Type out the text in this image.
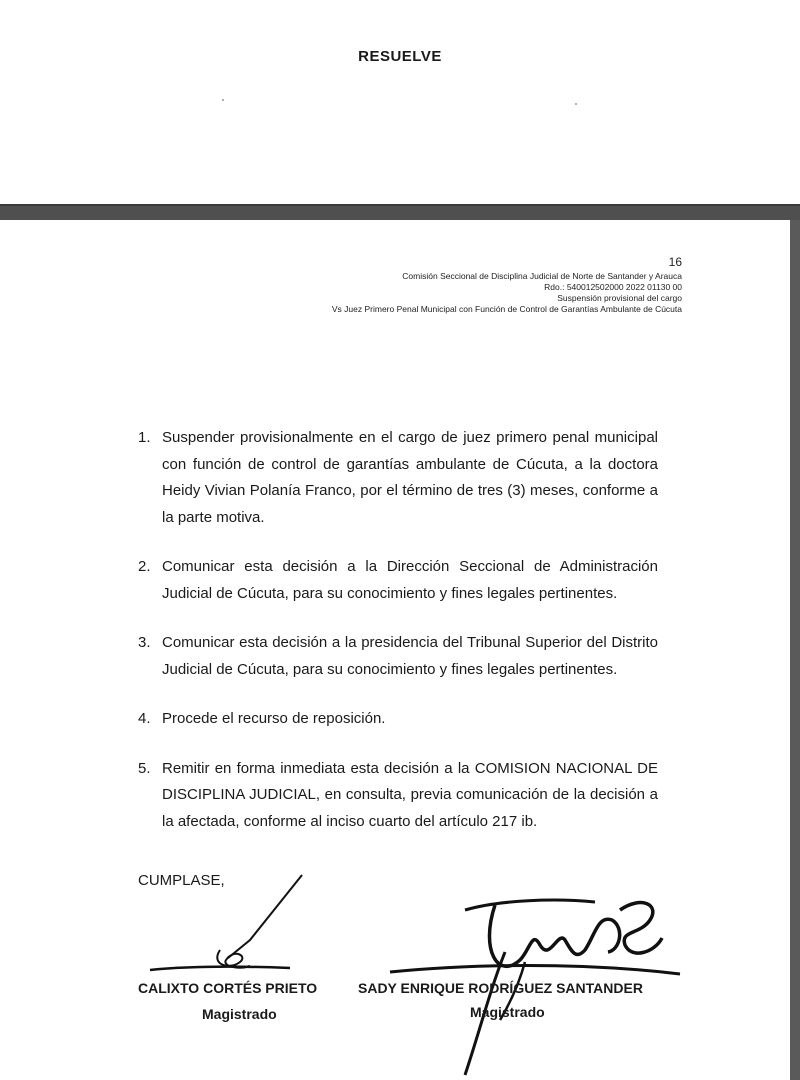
RESUELVE
16
Comisión Seccional de Disciplina Judicial de Norte de Santander y Arauca
Rdo.: 540012502000 2022 01130 00
Suspensión provisional del cargo
Vs Juez Primero Penal Municipal con Función de Control de Garantías Ambulante de Cúcuta
1. Suspender provisionalmente en el cargo de juez primero penal municipal con función de control de garantías ambulante de Cúcuta, a la doctora Heidy Vivian Polanía Franco, por el término de tres (3) meses, conforme a la parte motiva.
2. Comunicar esta decisión a la Dirección Seccional de Administración Judicial de Cúcuta, para su conocimiento y fines legales pertinentes.
3. Comunicar esta decisión a la presidencia del Tribunal Superior del Distrito Judicial de Cúcuta, para su conocimiento y fines legales pertinentes.
4. Procede el recurso de reposición.
5. Remitir en forma inmediata esta decisión a la COMISION NACIONAL DE DISCIPLINA JUDICIAL, en consulta, previa comunicación de la decisión a la afectada, conforme al inciso cuarto del artículo 217 ib.
CUMPLASE,
CALIXTO CORTÉS PRIETO
Magistrado
SADY ENRIQUE RODRÍGUEZ SANTANDER
Magistrado
